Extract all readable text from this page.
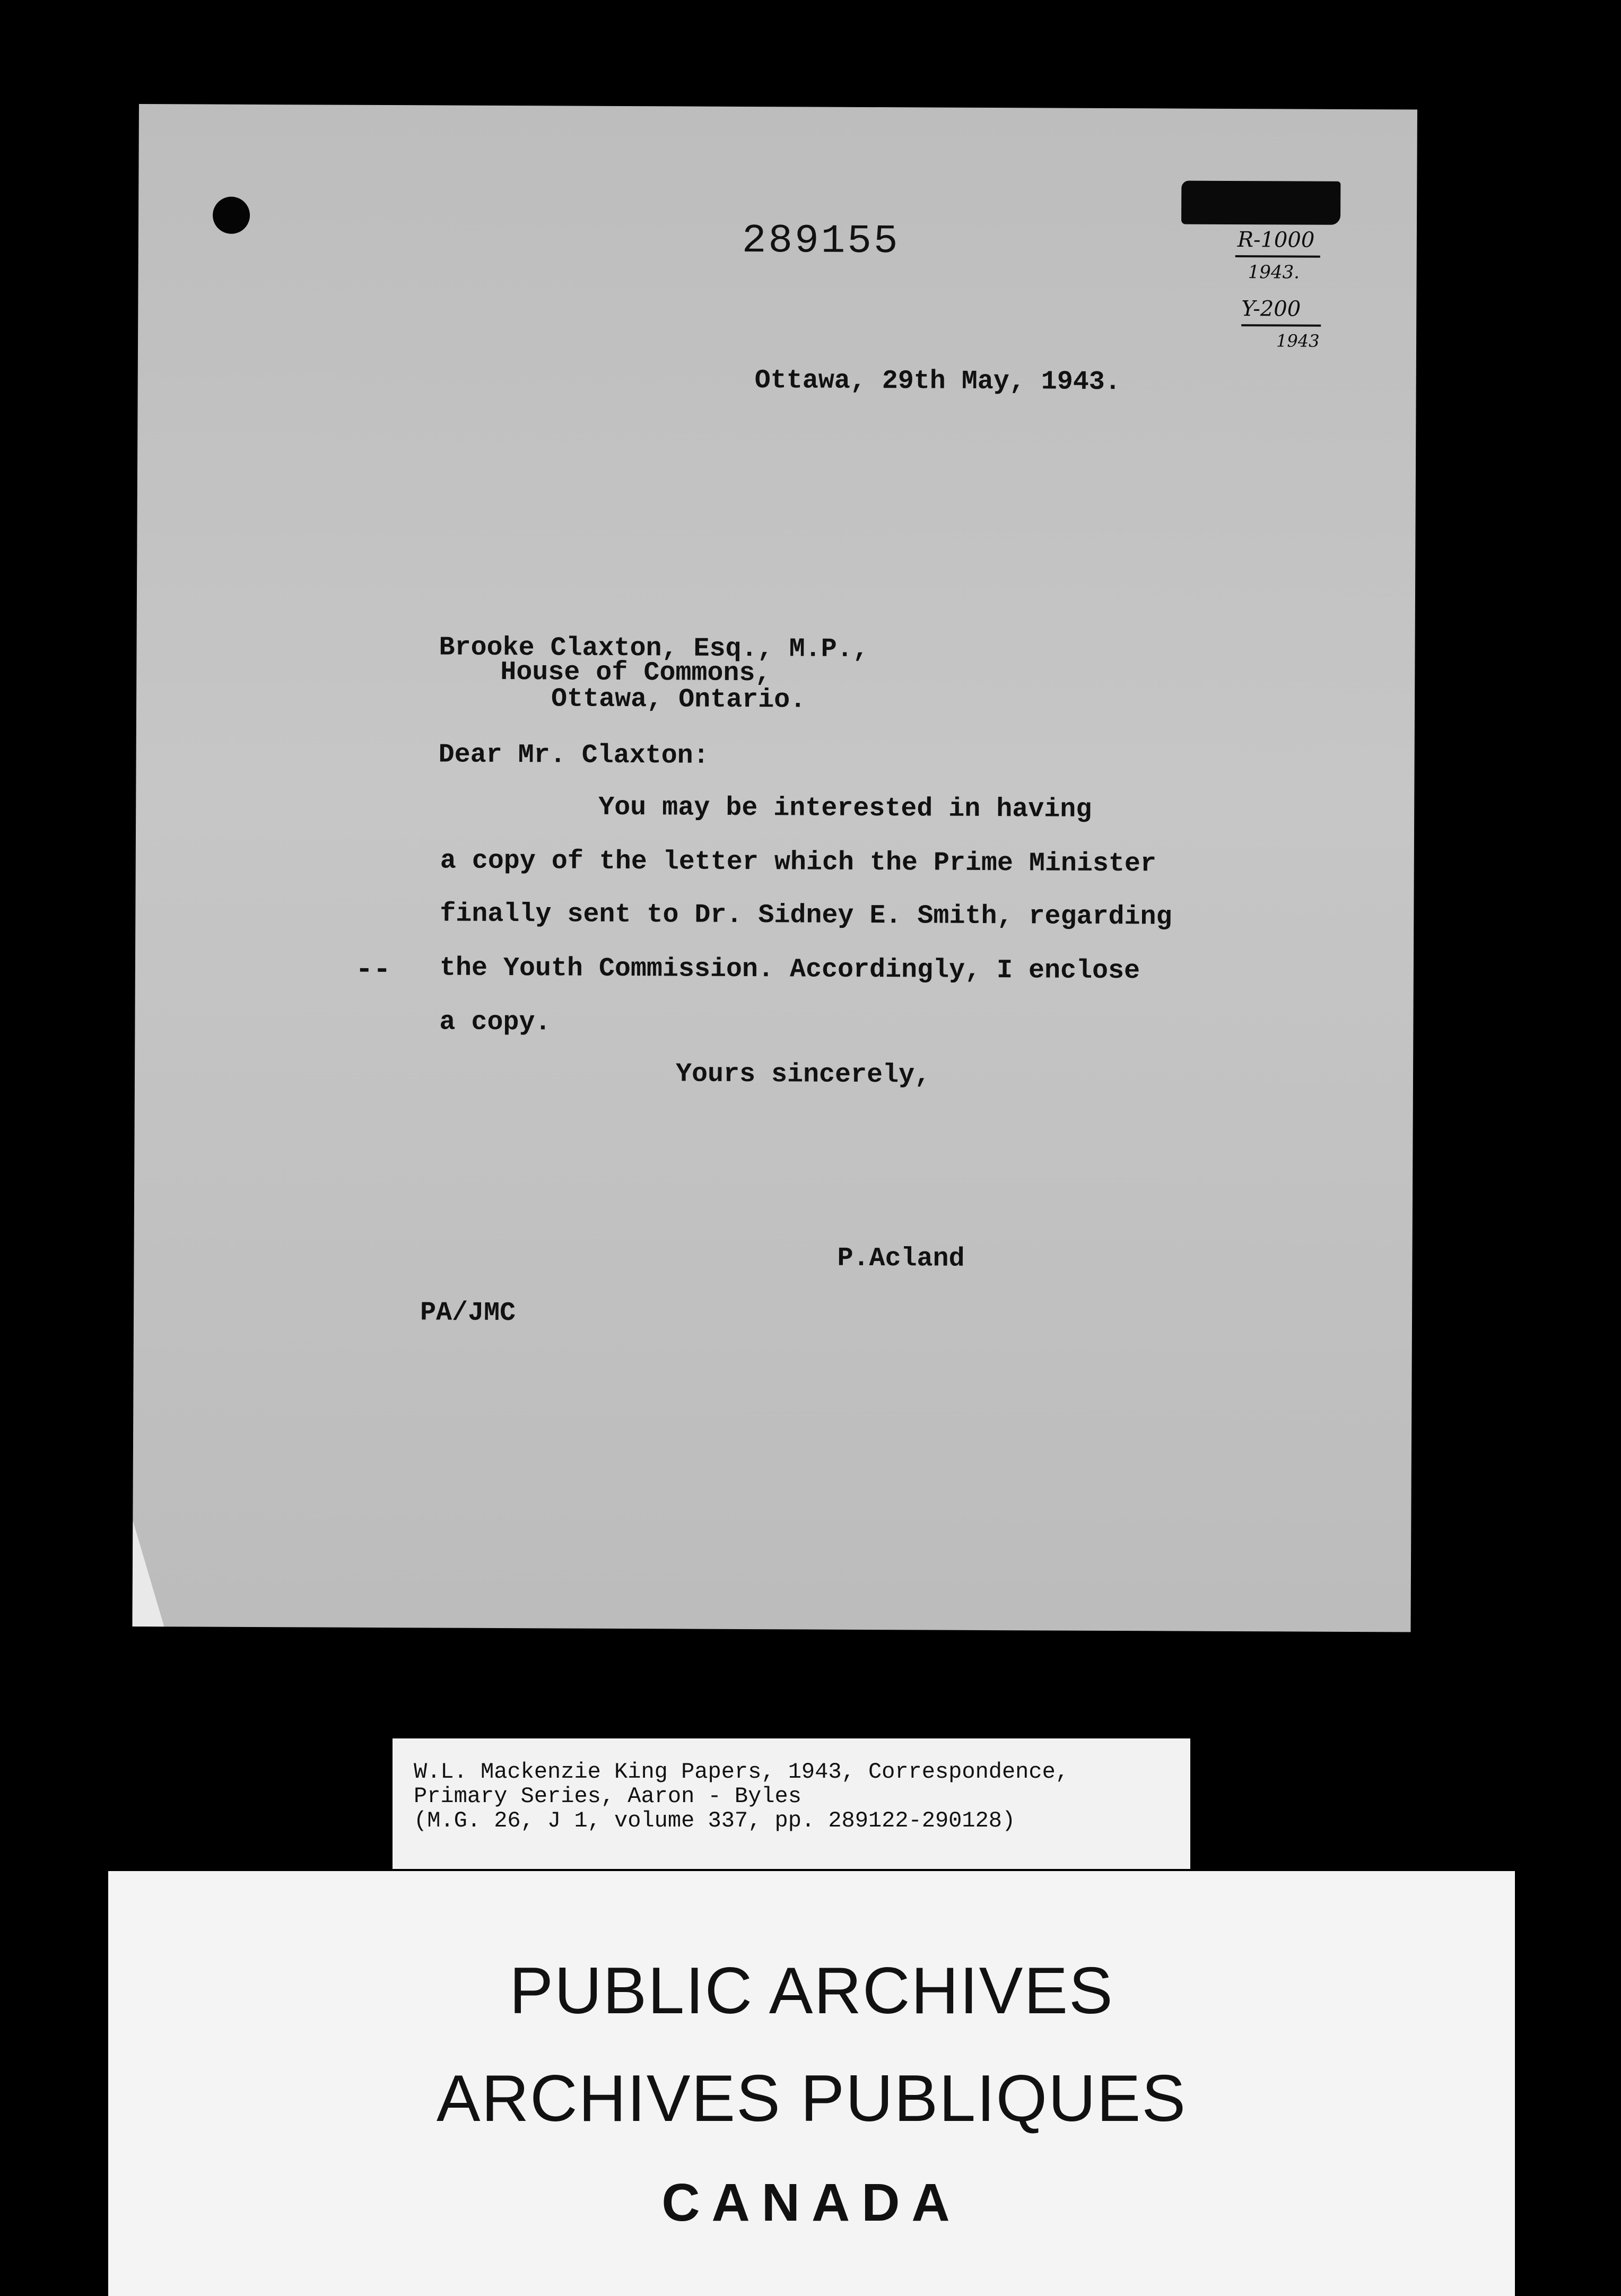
R-1000
1943.
Y-200
1943
289155
Ottawa, 29th May, 1943.
Brooke Claxton, Esq., M.P.,
House of Commons,
Ottawa, Ontario.
Dear Mr. Claxton:
You may be interested in having
a copy of the letter which the Prime Minister
finally sent to Dr. Sidney E. Smith, regarding
the Youth Commission. Accordingly, I enclose
a copy.
--
Yours sincerely,
P.Acland
PA/JMC
W.L. Mackenzie King Papers, 1943, Correspondence,
Primary Series, Aaron - Byles
(M.G. 26, J 1, volume 337, pp. 289122-290128)
PUBLIC ARCHIVES
ARCHIVES PUBLIQUES
CANADA
